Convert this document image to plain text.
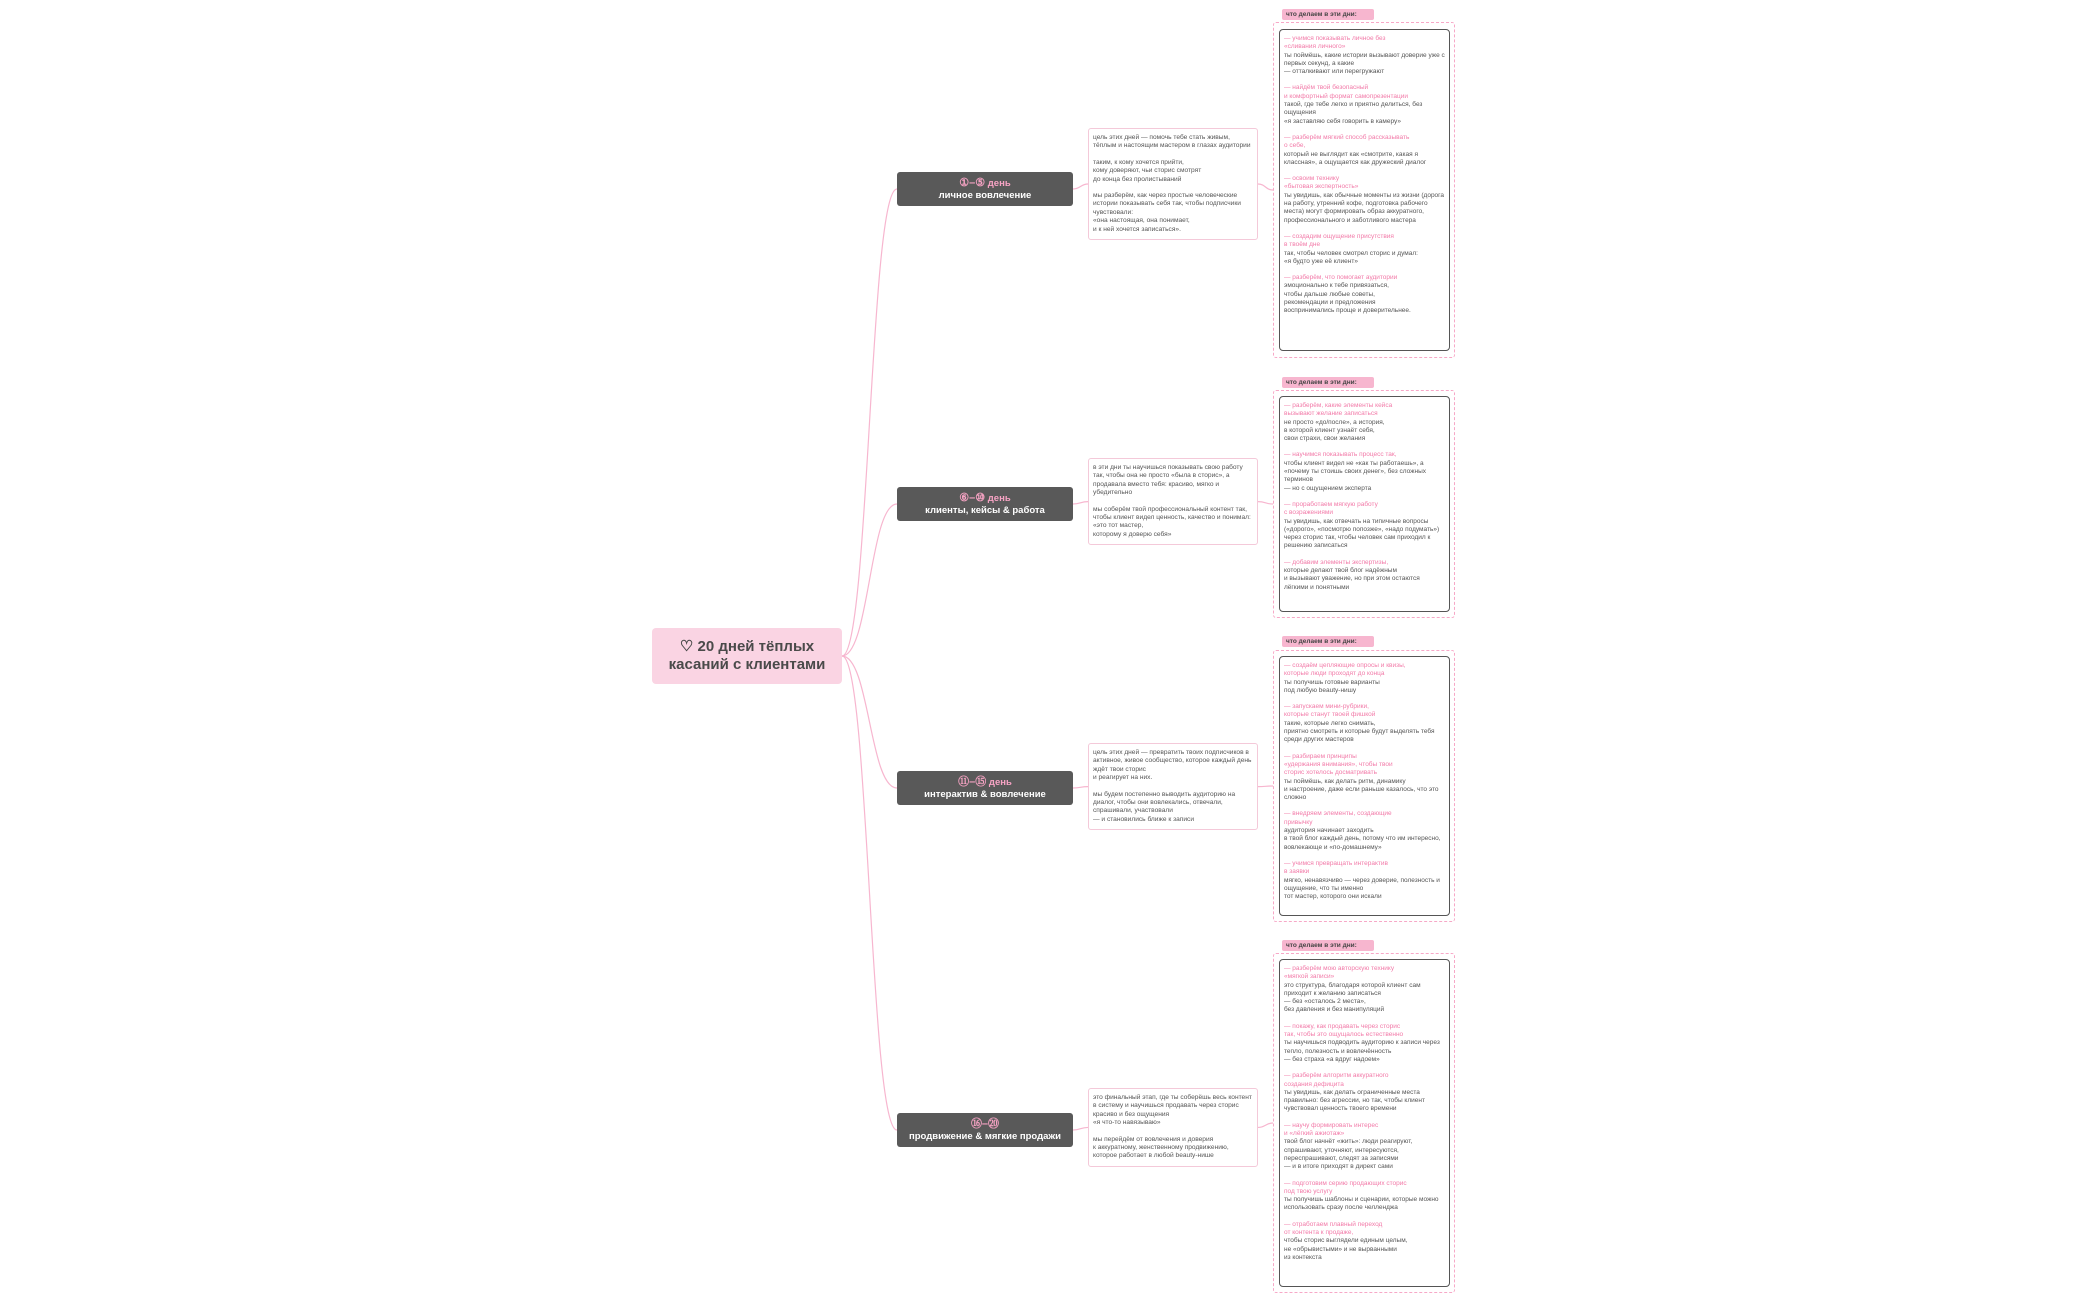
♡ 20 дней тёплых касаний с клиентами
①–⑤ день
личное вовлечение
⑥–⑩ день
клиенты, кейсы & работа
⑪–⑮ день
интерактив & вовлечение
⑯–⑳
продвижение & мягкие продажи

цель этих дней — помочь тебе стать живым, тёплым и настоящим мастером в глазах аудитории

таким, к кому хочется прийти,
кому доверяют, чьи сторис смотрят
до конца без пролистываний

мы разберём, как через простые человеческие истории показывать себя так, чтобы подписчики чувствовали:
«она настоящая, она понимает,
и к ней хочется записаться».

в эти дни ты научишься показывать свою работу так, чтобы она не просто «была в сторис», а продавала вместо тебя: красиво, мягко и убедительно

мы соберём твой профессиональный контент так, чтобы клиент видел ценность, качество и понимал:
«это тот мастер,
которому я доверю себя»

цель этих дней — превратить твоих подписчиков в активное, живое сообщество, которое каждый день ждёт твои сторис
и реагирует на них.

мы будем постепенно выводить аудиторию на диалог, чтобы они вовлекались, отвечали, спрашивали, участвовали
— и становились ближе к записи

это финальный этап, где ты соберёшь весь контент в систему и научишься продавать через сторис красиво и без ощущения
«я что-то навязываю»

мы перейдём от вовлечения и доверия
к аккуратному, женственному продвижению, которое работает в любой beauty-нише

что делаем в эти дни:
— учимся показывать личное без
«сливания личного»
ты поймёшь, какие истории вызывают доверие уже с первых секунд, а какие
— отталкивают или перегружают
— найдём твой безопасный
и комфортный формат самопрезентации
такой, где тебе легко и приятно делиться, без ощущения
«я заставляю себя говорить в камеру»
— разберём мягкий способ рассказывать
о себе,
который не выглядит как «смотрите, какая я классная», а ощущается как дружеский диалог
— освоим технику
«бытовая экспертность»
ты увидишь, как обычные моменты из жизни (дорога на работу, утренний кофе, подготовка рабочего места) могут формировать образ аккуратного, профессионального и заботливого мастера
— создадим ощущение присутствия
в твоём дне
так, чтобы человек смотрел сторис и думал:
«я будто уже её клиент»
— разберём, что помогает аудитории
эмоционально к тебе привязаться,
чтобы дальше любые советы,
рекомендации и предложения
воспринимались проще и доверительнее.
что делаем в эти дни:
— разберём, какие элементы кейса
вызывают желание записаться
не просто «до/после», а история,
в которой клиент узнаёт себя,
свои страхи, свои желания
— научимся показывать процесс так,
чтобы клиент видел не «как ты работаешь», а «почему ты стоишь своих денег», без сложных терминов
— но с ощущением эксперта
— проработаем мягкую работу
с возражениями
ты увидишь, как отвечать на типичные вопросы («дорого», «посмотрю попозже», «надо подумать») через сторис так, чтобы человек сам приходил к решению записаться
— добавим элементы экспертизы,
которые делают твой блог надёжным
и вызывают уважение, но при этом остаются лёгкими и понятными
что делаем в эти дни:
— создаём цепляющие опросы и квизы,
которые люди проходят до конца
ты получишь готовые варианты
под любую beauty-нишу
— запускаем мини-рубрики,
которые станут твоей фишкой
такие, которые легко снимать,
приятно смотреть и которые будут выделять тебя среди других мастеров
— разбираем принципы
«удержания внимания», чтобы твои
сторис хотелось досматривать
ты поймёшь, как делать ритм, динамику
и настроение, даже если раньше казалось, что это сложно
— внедряем элементы, создающие
привычку
аудитория начинает заходить
в твой блог каждый день, потому что им интересно, вовлекающе и «по-домашнему»
— учимся превращать интерактив
в заявки
мягко, ненавязчиво — через доверие, полезность и ощущение, что ты именно
тот мастер, которого они искали
что делаем в эти дни:
— разберём мою авторскую технику
«мягкой записи»
это структура, благодаря которой клиент сам приходит к желанию записаться
— без «осталось 2 места»,
без давления и без манипуляций
— покажу, как продавать через сторис
так, чтобы это ощущалось естественно
ты научишься подводить аудиторию к записи через тепло, полезность и вовлечённость
— без страха «а вдруг надоем»
— разберём алгоритм аккуратного
создания дефицита
ты увидишь, как делать ограниченные места правильно: без агрессии, но так, чтобы клиент чувствовал ценность твоего времени
— научу формировать интерес
и «лёгкий ажиотаж»
твой блог начнёт «жить»: люди реагируют, спрашивают, уточняют, интересуются, переспрашивают, следят за записями
— и в итоге приходят в директ сами
— подготовим серию продающих сторис
под твою услугу
ты получишь шаблоны и сценарии, которые можно использовать сразу после челленджа
— отработаем плавный переход
от контента к продаже,
чтобы сторис выглядели единым целым,
не «обрывистыми» и не вырванными
из контекста
